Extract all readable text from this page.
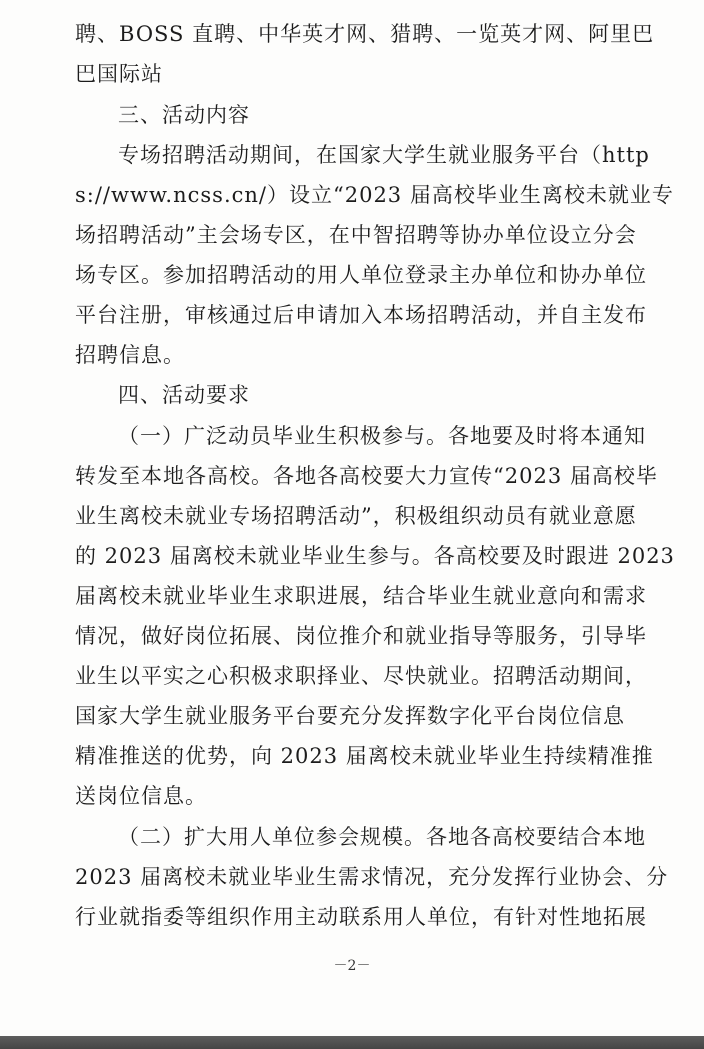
聘、BOSS 直聘、中华英才网、猎聘、一览英才网、阿里巴
巴国际站
三、活动内容
专场招聘活动期间，在国家大学生就业服务平台（http
s://www.ncss.cn/）设立“2023 届高校毕业生离校未就业专
场招聘活动”主会场专区，在中智招聘等协办单位设立分会
场专区。参加招聘活动的用人单位登录主办单位和协办单位
平台注册，审核通过后申请加入本场招聘活动，并自主发布
招聘信息。
四、活动要求
（一）广泛动员毕业生积极参与。各地要及时将本通知
转发至本地各高校。各地各高校要大力宣传“2023 届高校毕
业生离校未就业专场招聘活动”，积极组织动员有就业意愿
的 2023 届离校未就业毕业生参与。各高校要及时跟进 2023
届离校未就业毕业生求职进展，结合毕业生就业意向和需求
情况，做好岗位拓展、岗位推介和就业指导等服务，引导毕
业生以平实之心积极求职择业、尽快就业。招聘活动期间，
国家大学生就业服务平台要充分发挥数字化平台岗位信息
精准推送的优势，向 2023 届离校未就业毕业生持续精准推
送岗位信息。
（二）扩大用人单位参会规模。各地各高校要结合本地
2023 届离校未就业毕业生需求情况，充分发挥行业协会、分
行业就指委等组织作用主动联系用人单位，有针对性地拓展
－2－
